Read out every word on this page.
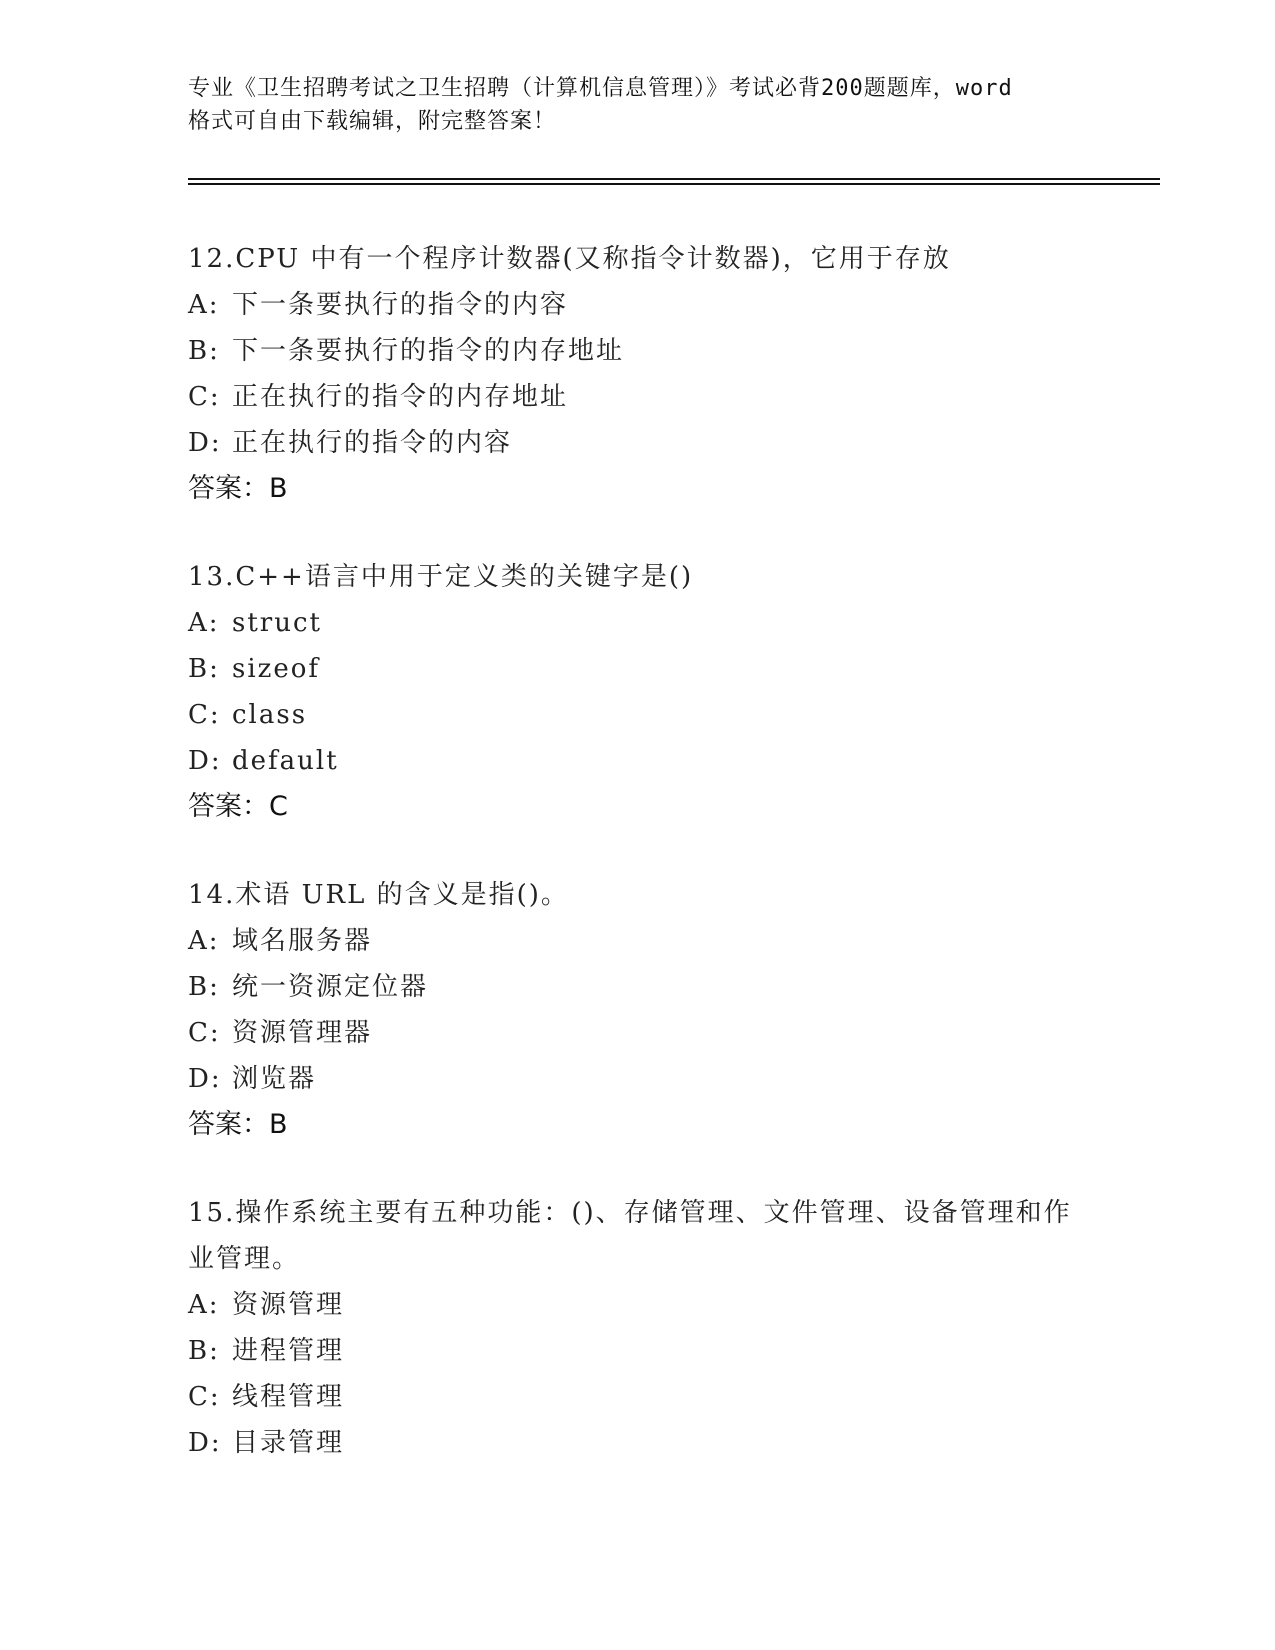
专业《卫生招聘考试之卫生招聘（计算机信息管理）》考试必背200题题库，word
格式可自由下载编辑，附完整答案！
12.CPU 中有一个程序计数器(又称指令计数器)，它用于存放
A: 下一条要执行的指令的内容
B: 下一条要执行的指令的内存地址
C: 正在执行的指令的内存地址
D: 正在执行的指令的内容
答案：B
13.C++语言中用于定义类的关键字是()
A: struct
B: sizeof
C: class
D: default
答案：C
14.术语 URL 的含义是指()。
A: 域名服务器
B: 统一资源定位器
C: 资源管理器
D: 浏览器
答案：B
15.操作系统主要有五种功能：()、存储管理、文件管理、设备管理和作业管理。
A: 资源管理
B: 进程管理
C: 线程管理
D: 目录管理
